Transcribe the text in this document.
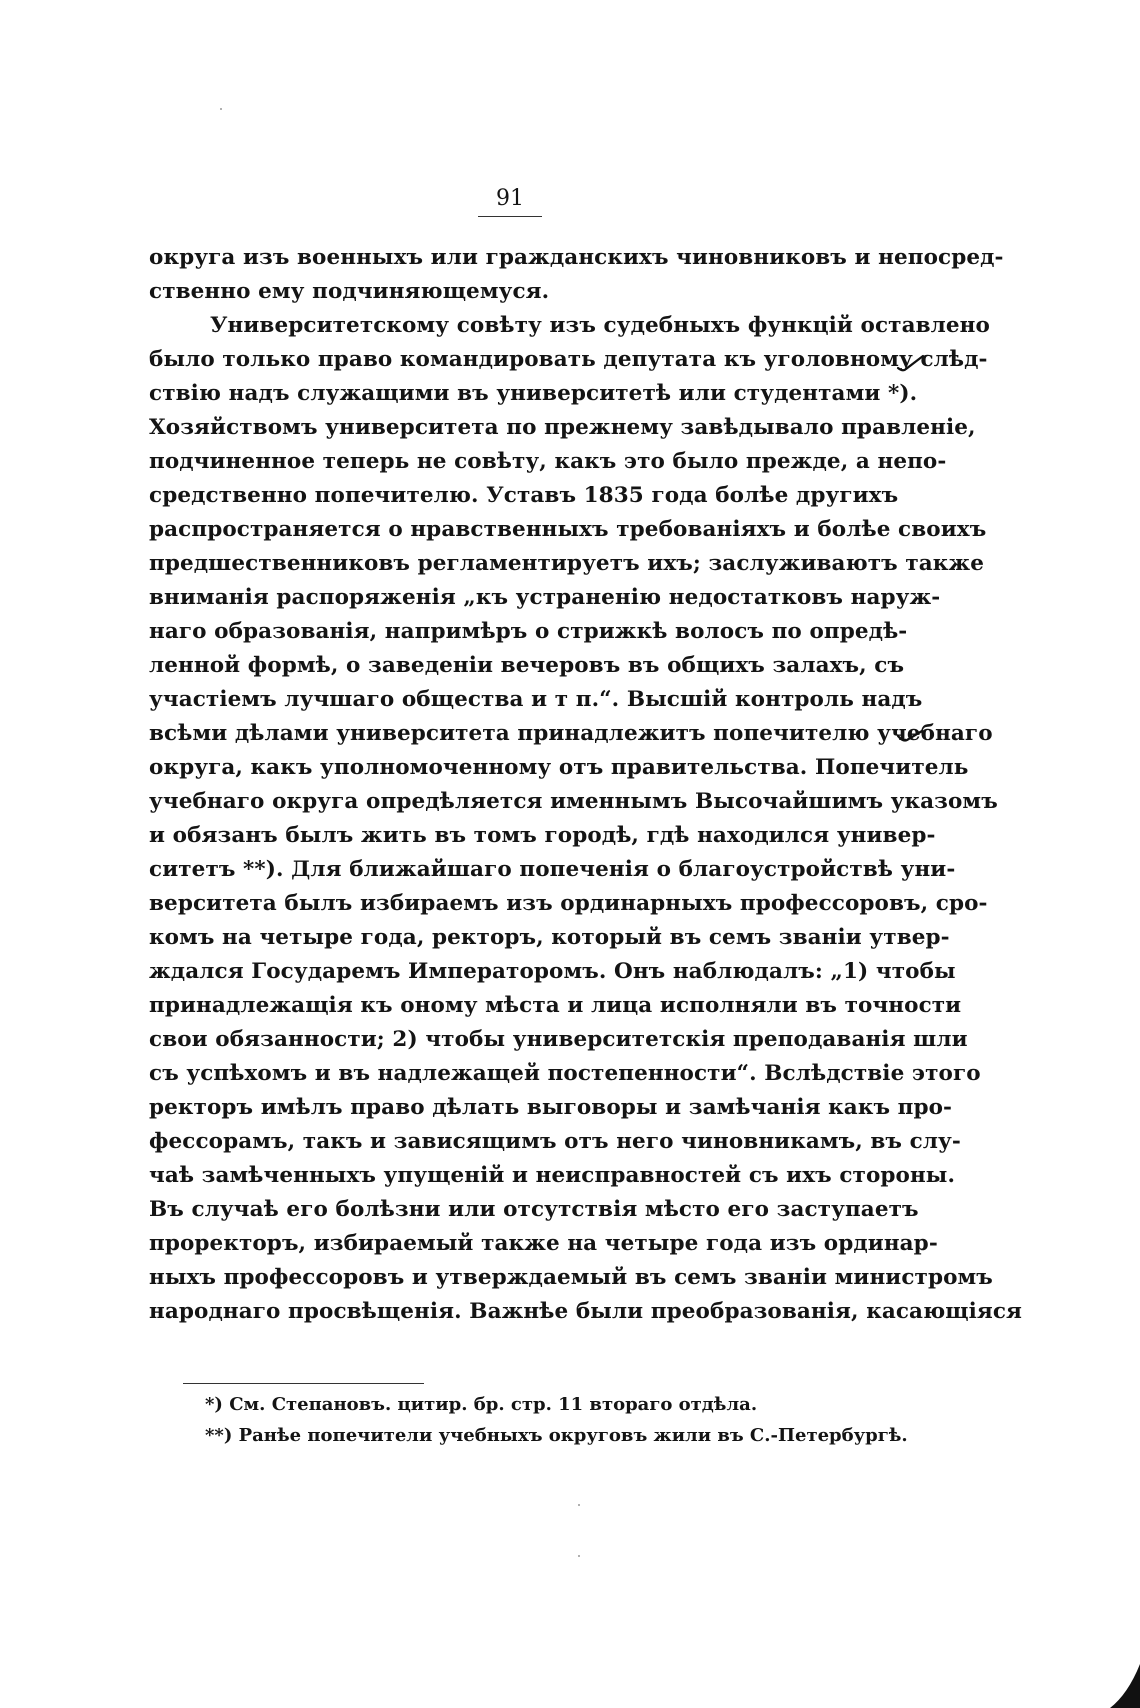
91
округа изъ военныхъ или гражданскихъ чиновниковъ и непосред-
ственно ему подчиняющемуся.
Университетскому совѣту изъ судебныхъ функцій оставлено
было только право командировать депутата къ уголовному слѣд-
ствію надъ служащими въ университетѣ или студентами *).
Хозяйствомъ университета по прежнему завѣдывало правленіе,
подчиненное теперь не совѣту, какъ это было прежде, а непо-
средственно попечителю. Уставъ 1835 года болѣе другихъ
распространяется о нравственныхъ требованіяхъ и болѣе своихъ
предшественниковъ регламентируетъ ихъ; заслуживаютъ также
вниманія распоряженія „къ устраненію недостатковъ наруж-
наго образованія, напримѣръ о стрижкѣ волосъ по опредѣ-
ленной формѣ, о заведеніи вечеровъ въ общихъ залахъ, съ
участіемъ лучшаго общества и т п.“. Высшій контроль надъ
всѣми дѣлами университета принадлежитъ попечителю учебнаго
округа, какъ уполномоченному отъ правительства. Попечитель
учебнаго округа опредѣляется именнымъ Высочайшимъ указомъ
и обязанъ былъ жить въ томъ городѣ, гдѣ находился универ-
ситетъ **). Для ближайшаго попеченія о благоустройствѣ уни-
верситета былъ избираемъ изъ ординарныхъ профессоровъ, сро-
комъ на четыре года, ректоръ, который въ семъ званіи утвер-
ждался Государемъ Императоромъ. Онъ наблюдалъ: „1) чтобы
принадлежащія къ оному мѣста и лица исполняли въ точности
свои обязанности; 2) чтобы университетскія преподаванія шли
съ успѣхомъ и въ надлежащей постепенности“. Вслѣдствіе этого
ректоръ имѣлъ право дѣлать выговоры и замѣчанія какъ про-
фессорамъ, такъ и зависящимъ отъ него чиновникамъ, въ слу-
чаѣ замѣченныхъ упущеній и неисправностей съ ихъ стороны.
Въ случаѣ его болѣзни или отсутствія мѣсто его заступаетъ
проректоръ, избираемый также на четыре года изъ ординар-
ныхъ профессоровъ и утверждаемый въ семъ званіи министромъ
народнаго просвѣщенія. Важнѣе были преобразованія, касающіяся
*) См. Степановъ. цитир. бр. стр. 11 втораго отдѣла.
**) Ранѣе попечители учебныхъ округовъ жили въ С.-Петербургѣ.
